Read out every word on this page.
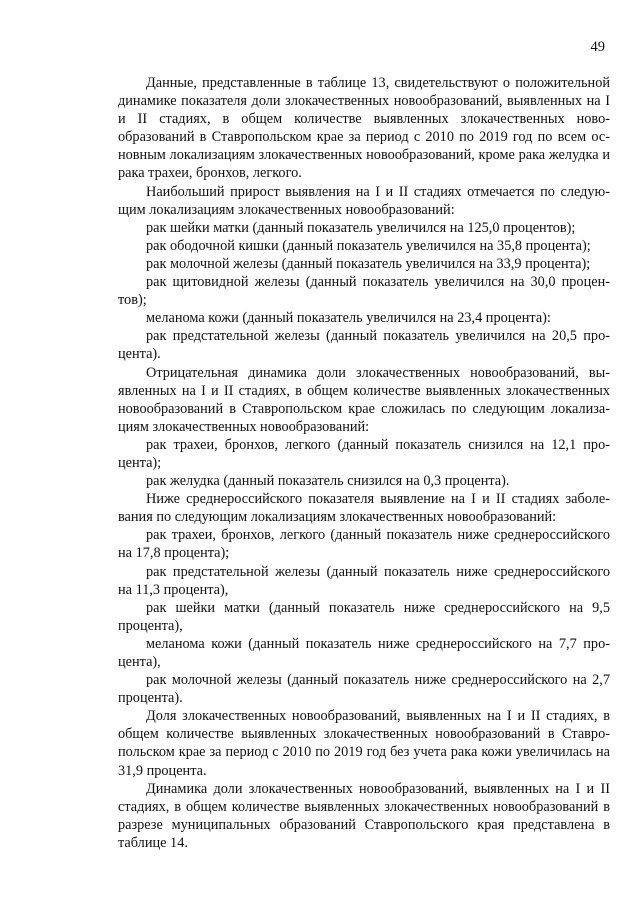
49

Данные, представленные в таблице 13, свидетельствуют о положительной динамике показателя доли злокачественных новообразований, выявленных на I и II стадиях, в общем количестве выявленных злокачественных новообразований в Ставропольском крае за период с 2010 по 2019 год по всем основным локализациям злокачественных новообразований, кроме рака желудка и рака трахеи, бронхов, легкого.

Наибольший прирост выявления на I и II стадиях отмечается по следующим локализациям злокачественных новообразований:

рак шейки матки (данный показатель увеличился на 125,0 процентов);

рак ободочной кишки (данный показатель увеличился на 35,8 процента);

рак молочной железы (данный показатель увеличился на 33,9 процента);

рак щитовидной железы (данный показатель увеличился на 30,0 процентов);

меланома кожи (данный показатель увеличился на 23,4 процента):

рак предстательной железы (данный показатель увеличился на 20,5 процента).

Отрицательная динамика доли злокачественных новообразований, выявленных на I и II стадиях, в общем количестве выявленных злокачественных новообразований в Ставропольском крае сложилась по следующим локализациям злокачественных новообразований:

рак трахеи, бронхов, легкого (данный показатель снизился на 12,1 процента);

рак желудка (данный показатель снизился на 0,3 процента).

Ниже среднероссийского показателя выявление на I и II стадиях заболевания по следующим локализациям злокачественных новообразований:

рак трахеи, бронхов, легкого (данный показатель ниже среднероссийского на 17,8 процента);

рак предстательной железы (данный показатель ниже среднероссийского на 11,3 процента),

рак шейки матки (данный показатель ниже среднероссийского на 9,5 процента),

меланома кожи (данный показатель ниже среднероссийского на 7,7 процента),

рак молочной железы (данный показатель ниже среднероссийского на 2,7 процента).

Доля злокачественных новообразований, выявленных на I и II стадиях, в общем количестве выявленных злокачественных новообразований в Ставропольском крае за период с 2010 по 2019 год без учета рака кожи увеличилась на 31,9 процента.

Динамика доли злокачественных новообразований, выявленных на I и II стадиях, в общем количестве выявленных злокачественных новообразований в разрезе муниципальных образований Ставропольского края представлена в таблице 14.
